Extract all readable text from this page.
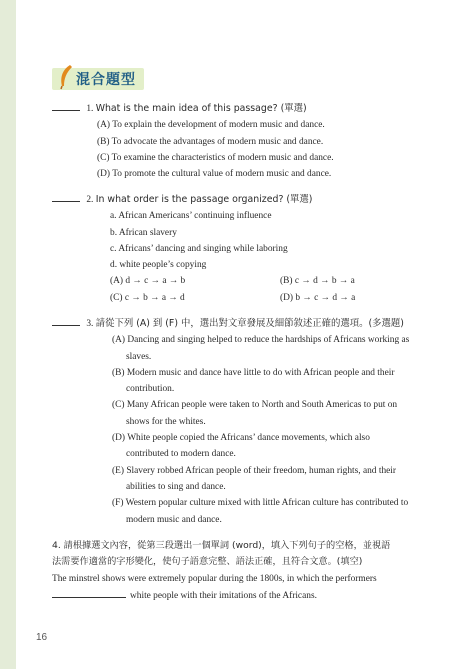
混合題型
1. What is the main idea of this passage? (單選)
(A) To explain the development of modern music and dance.
(B) To advocate the advantages of modern music and dance.
(C) To examine the characteristics of modern music and dance.
(D) To promote the cultural value of modern music and dance.
2. In what order is the passage organized? (單選)
a. African Americans’ continuing influence
b. African slavery
c. Africans’ dancing and singing while laboring
d. white people’s copying
(A) d → c → a → b	(B) c → d → b → a
(C) c → b → a → d	(D) b → c → d → a
3. 請從下列 (A) 到 (F) 中，選出對文章發展及細節敘述正確的選項。(多選題)
(A) Dancing and singing helped to reduce the hardships of Africans working as
slaves.
(B) Modern music and dance have little to do with African people and their
contribution.
(C) Many African people were taken to North and South Americas to put on
shows for the whites.
(D) White people copied the Africans’ dance movements, which also
contributed to modern dance.
(E) Slavery robbed African people of their freedom, human rights, and their
abilities to sing and dance.
(F) Western popular culture mixed with little African culture has contributed to
modern music and dance.
4. 請根據選文內容，從第三段選出一個單詞 (word)，填入下列句子的空格，並視語
法需要作適當的字形變化，使句子語意完整、語法正確，且符合文意。(填空)
The minstrel shows were extremely popular during the 1800s, in which the performers
white people with their imitations of the Africans.
16
